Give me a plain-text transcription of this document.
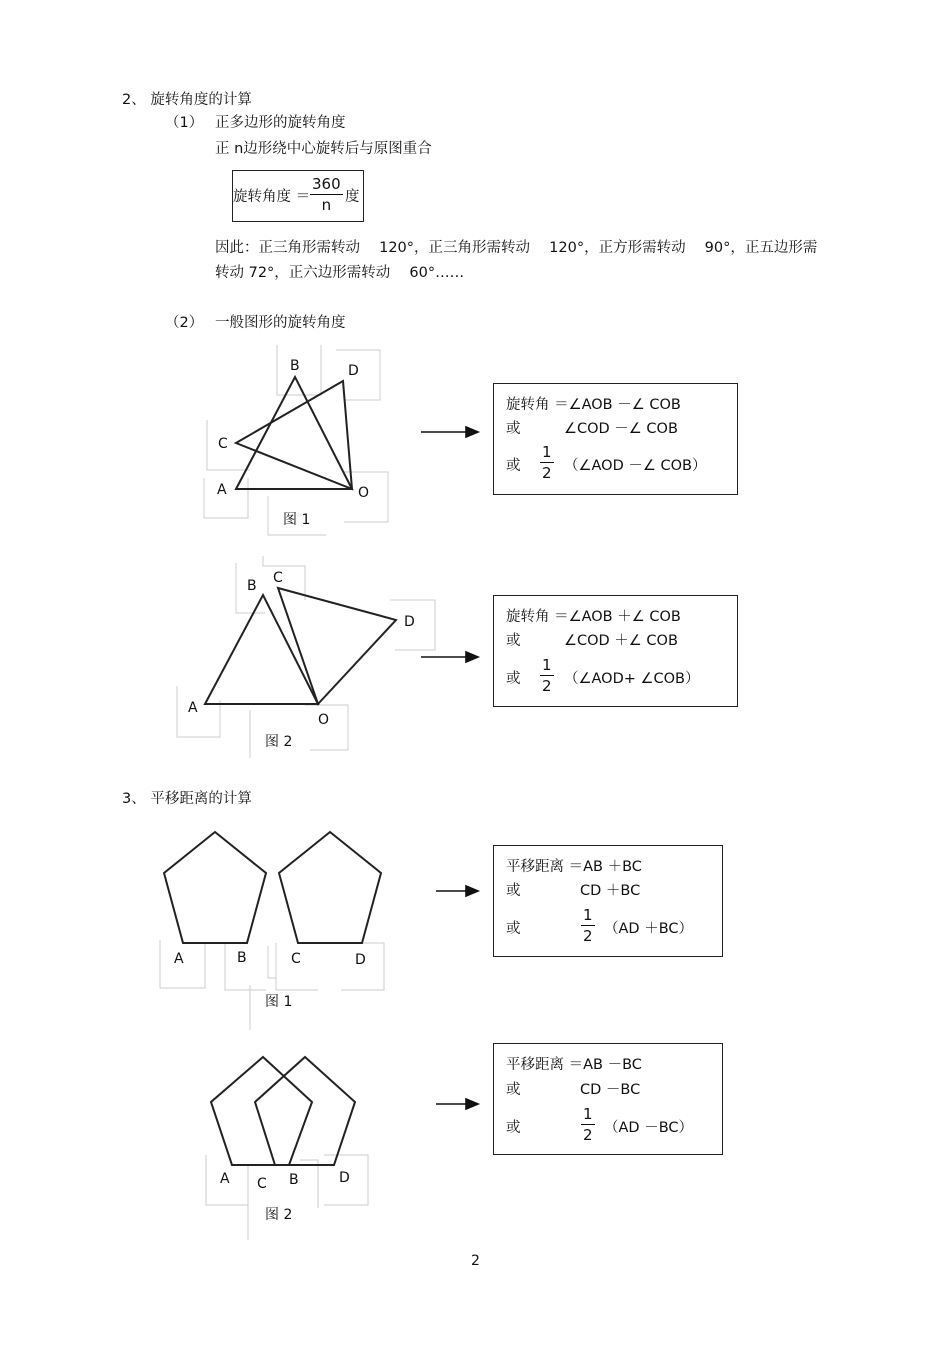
2、 旋转角度的计算
（1） 正多边形的旋转角度
正 n边形绕中心旋转后与原图重合
旋转角度 ＝ $\frac{360}{n}$ 度
因此：正三角形需转动 　120°，正三角形需转动 　120°，正方形需转动 　90°，正五边形需
转动 72°，正六边形需转动 　60°……
（2） 一般图形的旋转角度
B	D
C
A	O
图 1
旋转角 ＝∠AOB －∠ COB
或	∠COD －∠ COB
或 $\frac{1}{2}$ （∠AOD －∠ COB）
B C
D
A
O
图 2
旋转角 ＝∠AOB ＋∠ COB
或	∠COD ＋∠ COB
或 $\frac{1}{2}$ （∠AOD+ ∠COB）
3、 平移距离的计算
A	B	C	D
图 1
平移距离 ＝AB ＋BC
或	CD ＋BC
或	$\frac{1}{2} (AD +BC)$
A C B	D
图 2
平移距离 ＝AB －BC
或	CD －BC
或	$\frac{1}{2} (AD -BC)$
2
